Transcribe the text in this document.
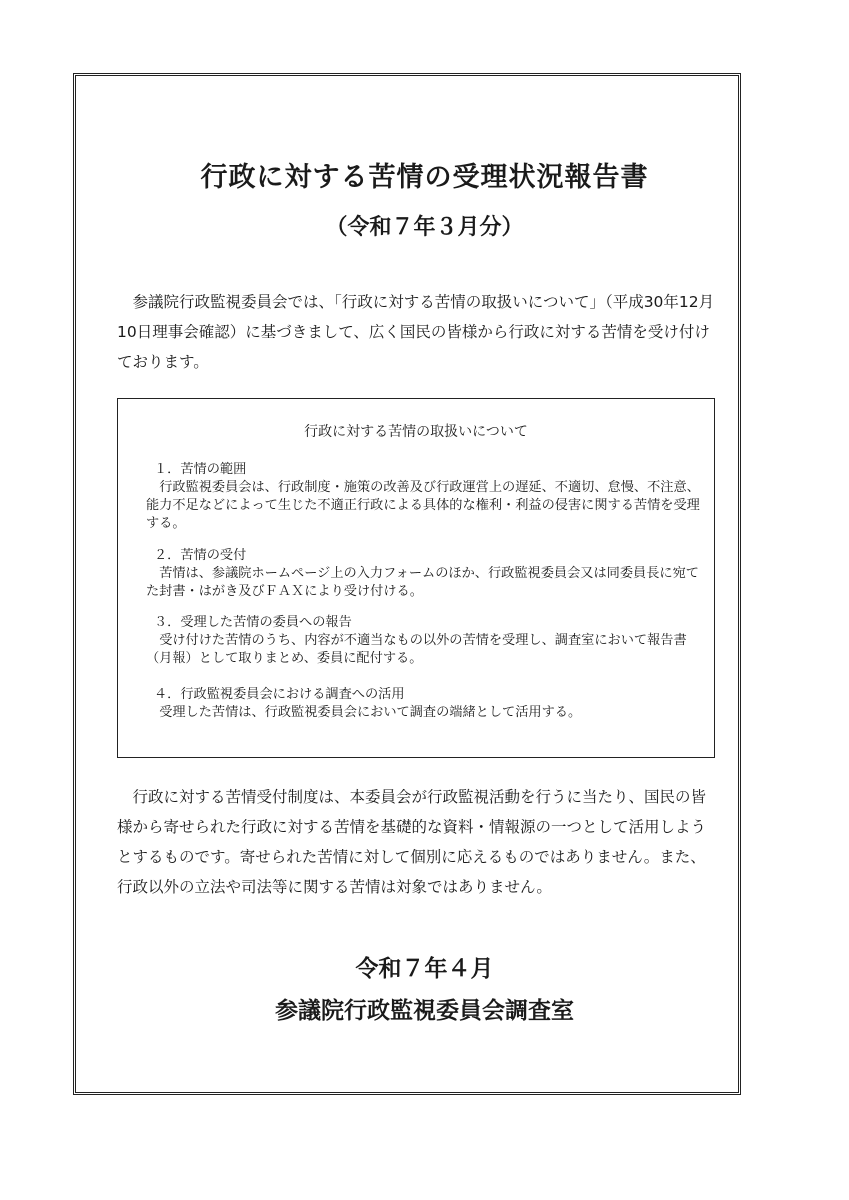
行政に対する苦情の受理状況報告書
（令和７年３月分）

参議院行政監視委員会では、「行政に対する苦情の取扱いについて」（平成30年12月10日理事会確認）に基づきまして、広く国民の皆様から行政に対する苦情を受け付けております。

行政に対する苦情の取扱いについて

１．苦情の範囲

行政監視委員会は、行政制度・施策の改善及び行政運営上の遅延、不適切、怠慢、不注意、能力不足などによって生じた不適正行政による具体的な権利・利益の侵害に関する苦情を受理する。

２．苦情の受付

苦情は、参議院ホームページ上の入力フォームのほか、行政監視委員会又は同委員長に宛てた封書・はがき及びＦＡＸにより受け付ける。

３．受理した苦情の委員への報告

受け付けた苦情のうち、内容が不適当なもの以外の苦情を受理し、調査室において報告書（月報）として取りまとめ、委員に配付する。

４．行政監視委員会における調査への活用

受理した苦情は、行政監視委員会において調査の端緒として活用する。

行政に対する苦情受付制度は、本委員会が行政監視活動を行うに当たり、国民の皆様から寄せられた行政に対する苦情を基礎的な資料・情報源の一つとして活用しようとするものです。寄せられた苦情に対して個別に応えるものではありません。また、行政以外の立法や司法等に関する苦情は対象ではありません。

令和７年４月

参議院行政監視委員会調査室
